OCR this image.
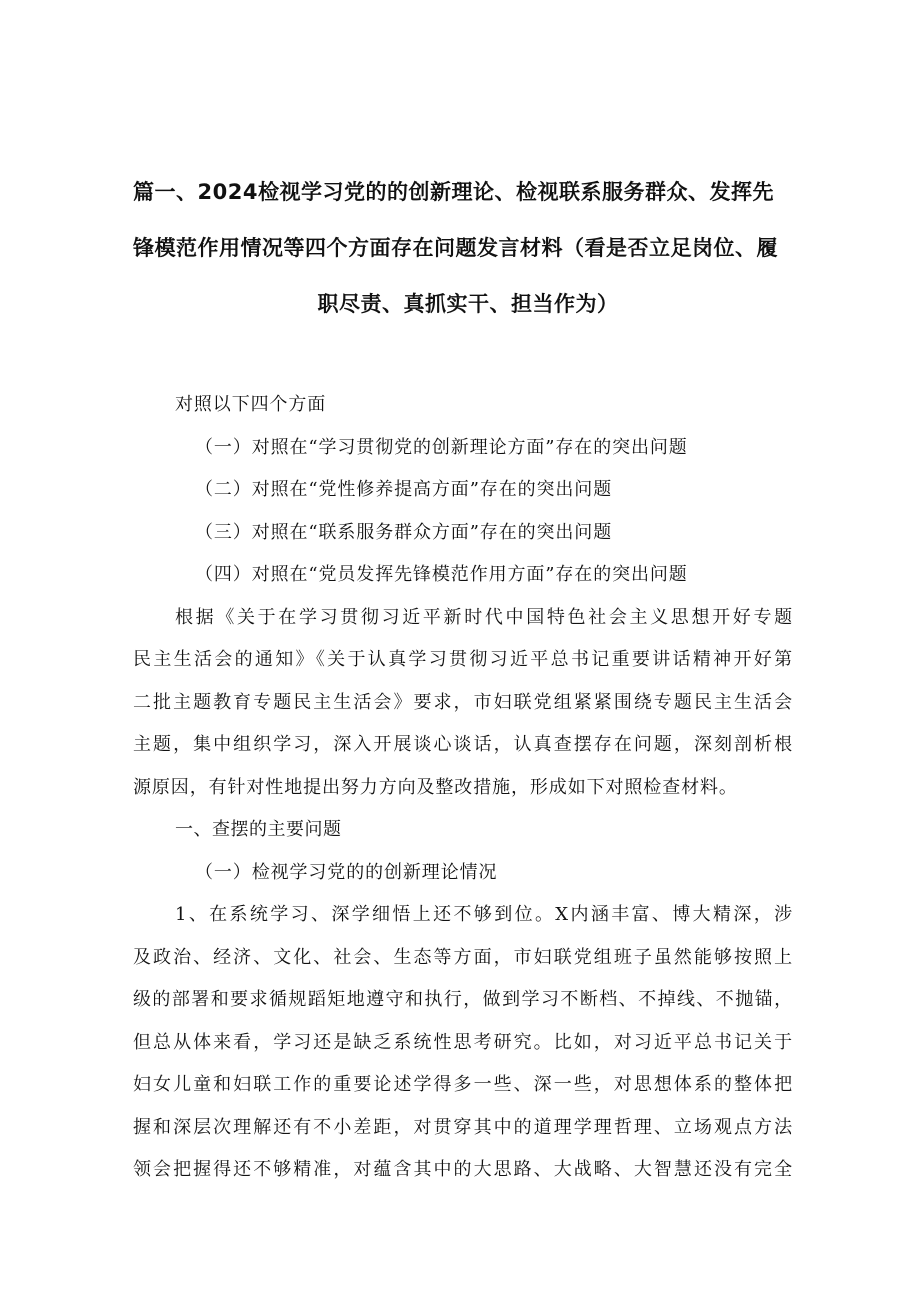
篇一、2024检视学习党的的创新理论、检视联系服务群众、发挥先
锋模范作用情况等四个方面存在问题发言材料（看是否立足岗位、履
职尽责、真抓实干、担当作为）
对照以下四个方面
（一）对照在“学习贯彻党的创新理论方面”存在的突出问题
（二）对照在“党性修养提高方面”存在的突出问题
（三）对照在“联系服务群众方面”存在的突出问题
（四）对照在“党员发挥先锋模范作用方面”存在的突出问题
根据《关于在学习贯彻习近平新时代中国特色社会主义思想开好专题
民主生活会的通知》《关于认真学习贯彻习近平总书记重要讲话精神开好第
二批主题教育专题民主生活会》要求，市妇联党组紧紧围绕专题民主生活会
主题，集中组织学习，深入开展谈心谈话，认真查摆存在问题，深刻剖析根
源原因，有针对性地提出努力方向及整改措施，形成如下对照检查材料。
一、查摆的主要问题
（一）检视学习党的的创新理论情况
1、在系统学习、深学细悟上还不够到位。X内涵丰富、博大精深，涉
及政治、经济、文化、社会、生态等方面，市妇联党组班子虽然能够按照上
级的部署和要求循规蹈矩地遵守和执行，做到学习不断档、不掉线、不抛锚，
但总从体来看，学习还是缺乏系统性思考研究。比如，对习近平总书记关于
妇女儿童和妇联工作的重要论述学得多一些、深一些，对思想体系的整体把
握和深层次理解还有不小差距，对贯穿其中的道理学理哲理、立场观点方法
领会把握得还不够精准，对蕴含其中的大思路、大战略、大智慧还没有完全
